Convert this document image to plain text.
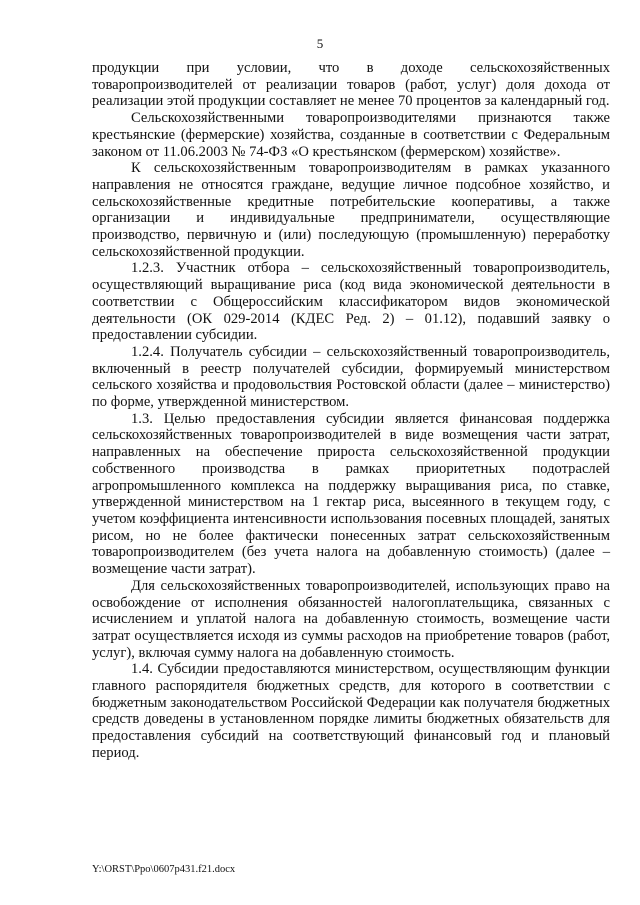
5

продукции при условии, что в доходе сельскохозяйственных товаропроизводителей от реализации товаров (работ, услуг) доля дохода от реализации этой продукции составляет не менее 70 процентов за календарный год.

Сельскохозяйственными товаропроизводителями признаются также крестьянские (фермерские) хозяйства, созданные в соответствии с Федеральным законом от 11.06.2003 № 74-ФЗ «О крестьянском (фермерском) хозяйстве».

К сельскохозяйственным товаропроизводителям в рамках указанного направления не относятся граждане, ведущие личное подсобное хозяйство, и сельскохозяйственные кредитные потребительские кооперативы, а также организации и индивидуальные предприниматели, осуществляющие производство, первичную и (или) последующую (промышленную) переработку сельскохозяйственной продукции.

1.2.3. Участник отбора – сельскохозяйственный товаропроизводитель, осуществляющий выращивание риса (код вида экономической деятельности в соответствии с Общероссийским классификатором видов экономической деятельности (ОК 029-2014 (КДЕС Ред. 2) – 01.12), подавший заявку о предоставлении субсидии.

1.2.4. Получатель субсидии – сельскохозяйственный товаропроизводитель, включенный в реестр получателей субсидии, формируемый министерством сельского хозяйства и продовольствия Ростовской области (далее – министерство) по форме, утвержденной министерством.

1.3. Целью предоставления субсидии является финансовая поддержка сельскохозяйственных товаропроизводителей в виде возмещения части затрат, направленных на обеспечение прироста сельскохозяйственной продукции собственного производства в рамках приоритетных подотраслей агропромышленного комплекса на поддержку выращивания риса, по ставке, утвержденной министерством на 1 гектар риса, высеянного в текущем году, с учетом коэффициента интенсивности использования посевных площадей, занятых рисом, но не более фактически понесенных затрат сельскохозяйственным товаропроизводителем (без учета налога на добавленную стоимость) (далее – возмещение части затрат).

Для сельскохозяйственных товаропроизводителей, использующих право на освобождение от исполнения обязанностей налогоплательщика, связанных с исчислением и уплатой налога на добавленную стоимость, возмещение части затрат осуществляется исходя из суммы расходов на приобретение товаров (работ, услуг), включая сумму налога на добавленную стоимость.

1.4. Субсидии предоставляются министерством, осуществляющим функции главного распорядителя бюджетных средств, для которого в соответствии с бюджетным законодательством Российской Федерации как получателя бюджетных средств доведены в установленном порядке лимиты бюджетных обязательств для предоставления субсидий на соответствующий финансовый год и плановый период.

Y:\ORST\Ppo\0607p431.f21.docx
